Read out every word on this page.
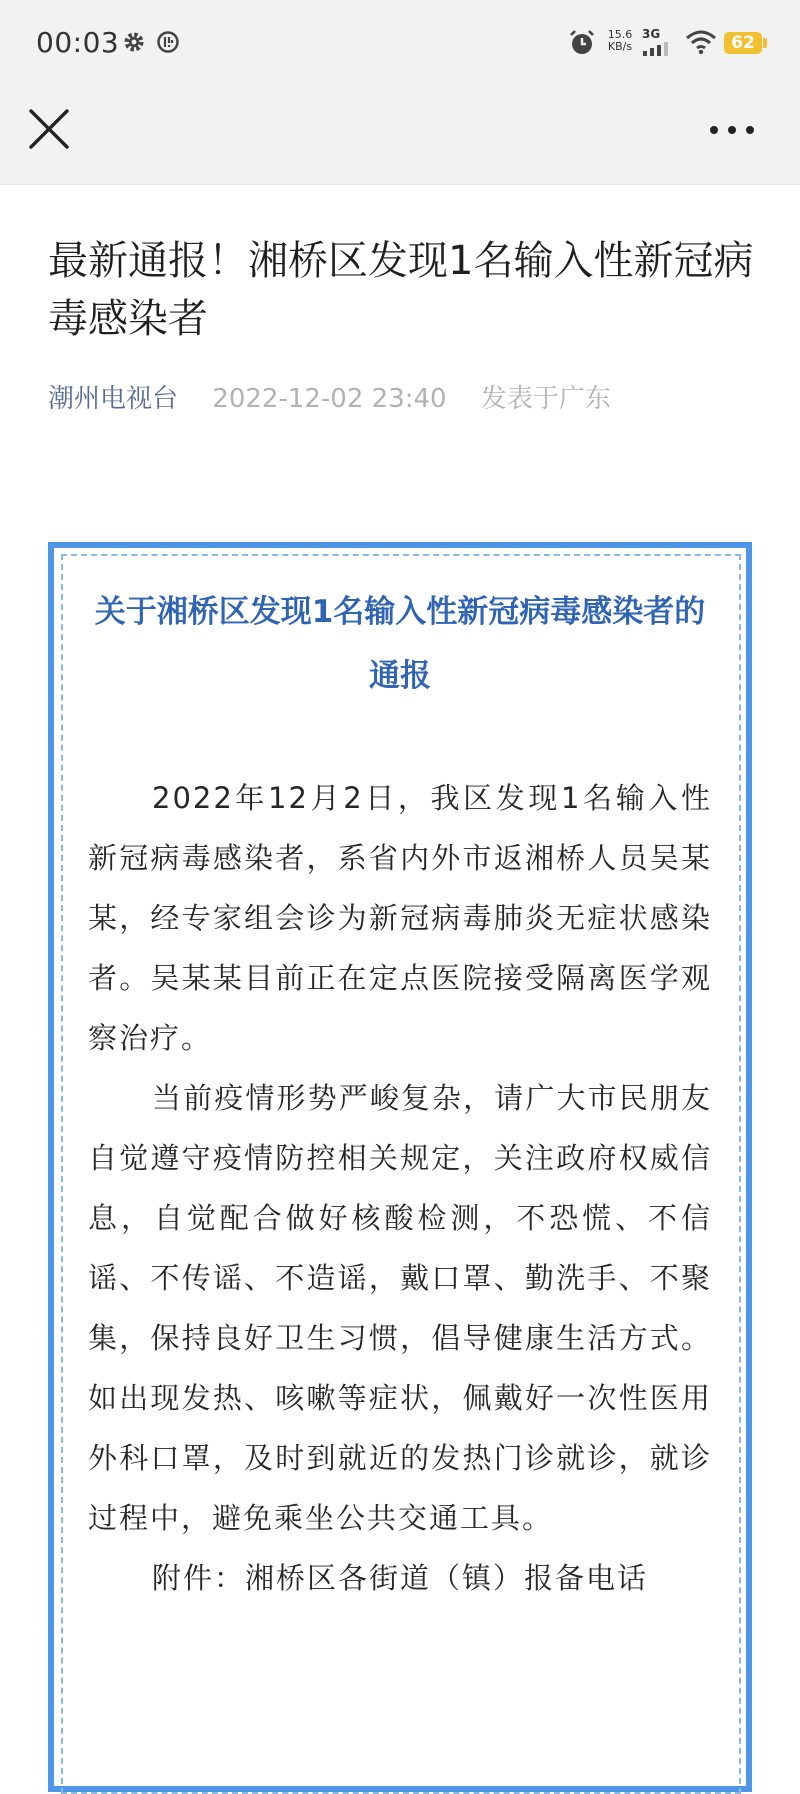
00:03	15.6
KB/s
3G	62
最新通报！湘桥区发现1名输入性新冠病毒感染者
潮州电视台 2022-12-02 23:40 发表于广东
关于湘桥区发现1名输入性新冠病毒感染者的通报

2022年12月2日，我区发现1名输入性新冠病毒感染者，系省内外市返湘桥人员吴某某，经专家组会诊为新冠病毒肺炎无症状感染者。吴某某目前正在定点医院接受隔离医学观察治疗。

当前疫情形势严峻复杂，请广大市民朋友自觉遵守疫情防控相关规定，关注政府权威信息，自觉配合做好核酸检测，不恐慌、不信谣、不传谣、不造谣，戴口罩、勤洗手、不聚集，保持良好卫生习惯，倡导健康生活方式。如出现发热、咳嗽等症状，佩戴好一次性医用外科口罩，及时到就近的发热门诊就诊，就诊过程中，避免乘坐公共交通工具。

附件：湘桥区各街道（镇）报备电话
